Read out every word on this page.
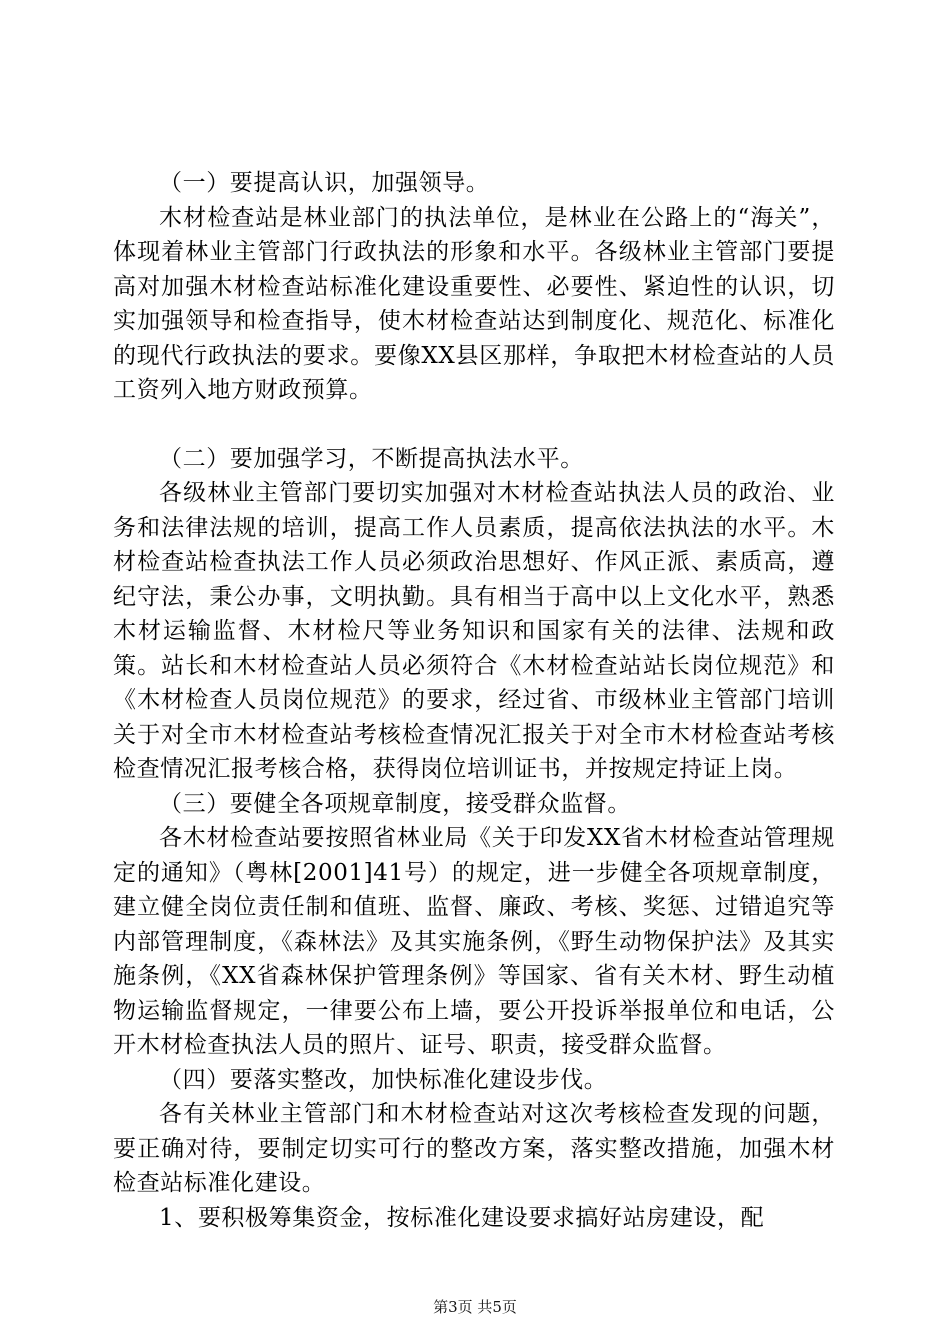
（一）要提高认识，加强领导。

木材检查站是林业部门的执法单位，是林业在公路上的“海关”，体现着林业主管部门行政执法的形象和水平。各级林业主管部门要提高对加强木材检查站标准化建设重要性、必要性、紧迫性的认识，切实加强领导和检查指导，使木材检查站达到制度化、规范化、标准化的现代行政执法的要求。要像XX县区那样，争取把木材检查站的人员工资列入地方财政预算。

（二）要加强学习，不断提高执法水平。

各级林业主管部门要切实加强对木材检查站执法人员的政治、业务和法律法规的培训，提高工作人员素质，提高依法执法的水平。木材检查站检查执法工作人员必须政治思想好、作风正派、素质高，遵纪守法，秉公办事，文明执勤。具有相当于高中以上文化水平，熟悉木材运输监督、木材检尺等业务知识和国家有关的法律、法规和政策。站长和木材检查站人员必须符合《木材检查站站长岗位规范》和《木材检查人员岗位规范》的要求，经过省、市级林业主管部门培训关于对全市木材检查站考核检查情况汇报关于对全市木材检查站考核检查情况汇报考核合格，获得岗位培训证书，并按规定持证上岗。

（三）要健全各项规章制度，接受群众监督。

各木材检查站要按照省林业局《关于印发XX省木材检查站管理规定的通知》（粤林[2001]41号）的规定，进一步健全各项规章制度，建立健全岗位责任制和值班、监督、廉政、考核、奖惩、过错追究等内部管理制度，《森林法》及其实施条例，《野生动物保护法》及其实施条例，《XX省森林保护管理条例》等国家、省有关木材、野生动植物运输监督规定，一律要公布上墙，要公开投诉举报单位和电话，公开木材检查执法人员的照片、证号、职责，接受群众监督。

（四）要落实整改，加快标准化建设步伐。

各有关林业主管部门和木材检查站对这次考核检查发现的问题，要正确对待，要制定切实可行的整改方案，落实整改措施，加强木材检查站标准化建设。

1、要积极筹集资金，按标准化建设要求搞好站房建设，配

第3页 共5页
